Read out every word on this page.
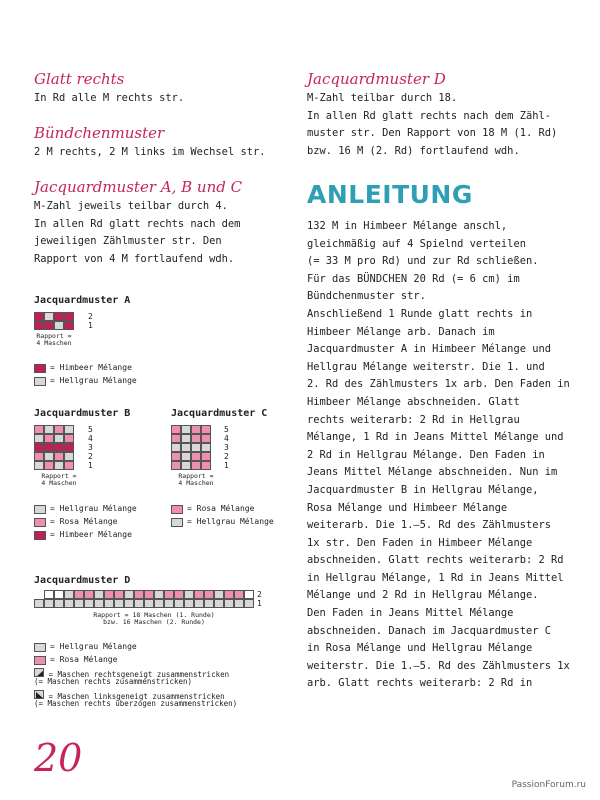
Glatt rechts
In Rd alle M rechts str.
Bündchenmuster
2 M rechts, 2 M links im Wechsel str.
Jacquardmuster A, B und C
M-Zahl jeweils teilbar durch 4.
In allen Rd glatt rechts nach dem
jeweiligen Zählmuster str. Den
Rapport von 4 M fortlaufend wdh.
Jacquardmuster A
2
1
Rapport =
4 Maschen
= Himbeer Mélange
= Hellgrau Mélange
Jacquardmuster B
5
4
3
2
1
Rapport =
4 Maschen
= Hellgrau Mélange
= Rosa Mélange
= Himbeer Mélange
Jacquardmuster C
5
4
3
2
1
Rapport =
4 Maschen
= Rosa Mélange
= Hellgrau Mélange
Jacquardmuster D
2
1
Rapport = 18 Maschen (1. Runde)
bzw. 16 Maschen (2. Runde)
= Hellgrau Mélange
= Rosa Mélange
= Maschen rechtsgeneigt zusammenstricken
(= Maschen rechts zusammenstricken)
= Maschen linksgeneigt zusammenstricken
(= Maschen rechts überzogen zusammenstricken)
Jacquardmuster D
M-Zahl teilbar durch 18.
In allen Rd glatt rechts nach dem Zähl-
muster str. Den Rapport von 18 M (1. Rd)
bzw. 16 M (2. Rd) fortlaufend wdh.
ANLEITUNG
132 M in Himbeer Mélange anschl,
gleichmäßig auf 4 Spielnd verteilen
(= 33 M pro Rd) und zur Rd schließen.
Für das BÜNDCHEN 20 Rd (= 6 cm) im
Bündchenmuster str.
Anschließend 1 Runde glatt rechts in
Himbeer Mélange arb. Danach im
Jacquardmuster A in Himbeer Mélange und
Hellgrau Mélange weiterstr. Die 1. und
2. Rd des Zählmusters 1x arb. Den Faden in
Himbeer Mélange abschneiden. Glatt
rechts weiterarb: 2 Rd in Hellgrau
Mélange, 1 Rd in Jeans Mittel Mélange und
2 Rd in Hellgrau Mélange. Den Faden in
Jeans Mittel Mélange abschneiden. Nun im
Jacquardmuster B in Hellgrau Mélange,
Rosa Mélange und Himbeer Mélange
weiterarb. Die 1.–5. Rd des Zählmusters
1x str. Den Faden in Himbeer Mélange
abschneiden. Glatt rechts weiterarb: 2 Rd
in Hellgrau Mélange, 1 Rd in Jeans Mittel
Mélange und 2 Rd in Hellgrau Mélange.
Den Faden in Jeans Mittel Mélange
abschneiden. Danach im Jacquardmuster C
in Rosa Mélange und Hellgrau Mélange
weiterstr. Die 1.–5. Rd des Zählmusters 1x
arb. Glatt rechts weiterarb: 2 Rd in
20
PassionForum.ru
